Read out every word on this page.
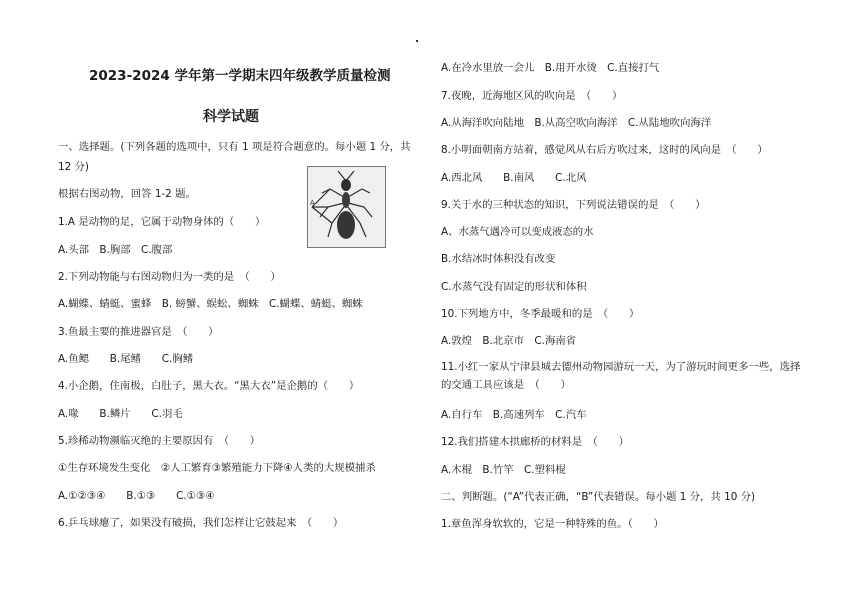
2023-2024 学年第一学期末四年级教学质量检测
科学试题
一、选择题。(下列各题的选项中，只有 1 项是符合题意的。每小题 1 分，共
12 分)
根据右图动物，回答 1-2 题。
A
1.A 是动物的足，它属于动物身体的（　　）
A.头部　B.胸部　C.腹部
2.下列动物能与右图动物归为一类的是　（　　）
A.蝴蝶、蜻蜓、蜜蜂　B. 螃蟹、蜈蚣、蜘蛛　C.蝴蝶、蜻蜓、蜘蛛
3.鱼最主要的推进器官是　（　　）
A.鱼鳃　　B.尾鳍　　C.胸鳍
4.小企鹅，住南极，白肚子，黑大衣。“黑大衣”是企鹅的（　　）
A.喙　　B.鳞片　　C.羽毛
5.珍稀动物濒临灭绝的主要原因有　（　　）
①生存环境发生变化　②人工繁育③繁殖能力下降④人类的大规模捕杀
A.①②③④　　B.①③　　C.①③④
6.乒乓球瘪了，如果没有破损，我们怎样让它鼓起来　（　　）
A.在冷水里放一会儿　B.用开水烫　C.直接打气
7.夜晚，近海地区风的吹向是　（　　）
A.从海洋吹向陆地　B.从高空吹向海洋　C.从陆地吹向海洋
8.小明面朝南方站着，感觉风从右后方吹过来，这时的风向是　（　　）
A.西北风　　B.南风　　C.北风
9.关于水的三种状态的知识，下列说法错误的是　（　　）
A、水蒸气遇冷可以变成液态的水
B.水结冰时体积没有改变
C.水蒸气没有固定的形状和体积
10.下列地方中，冬季最暖和的是　（　　）
A.敦煌　B.北京市　C.海南省
11.小红一家从宁津县城去德州动物园游玩一天，为了游玩时间更多一些，选择的交通工具应该是　（　　）
A.自行车　B.高速列车　C.汽车
12.我们搭建木拱廊桥的材料是　（　　）
A.木棍　B.竹竿　C.塑料棍
二、判断题。(“A”代表正确，“B”代表错误。每小题 1 分，共 10 分)
1.章鱼浑身软软的，它是一种特殊的鱼。（　　）
